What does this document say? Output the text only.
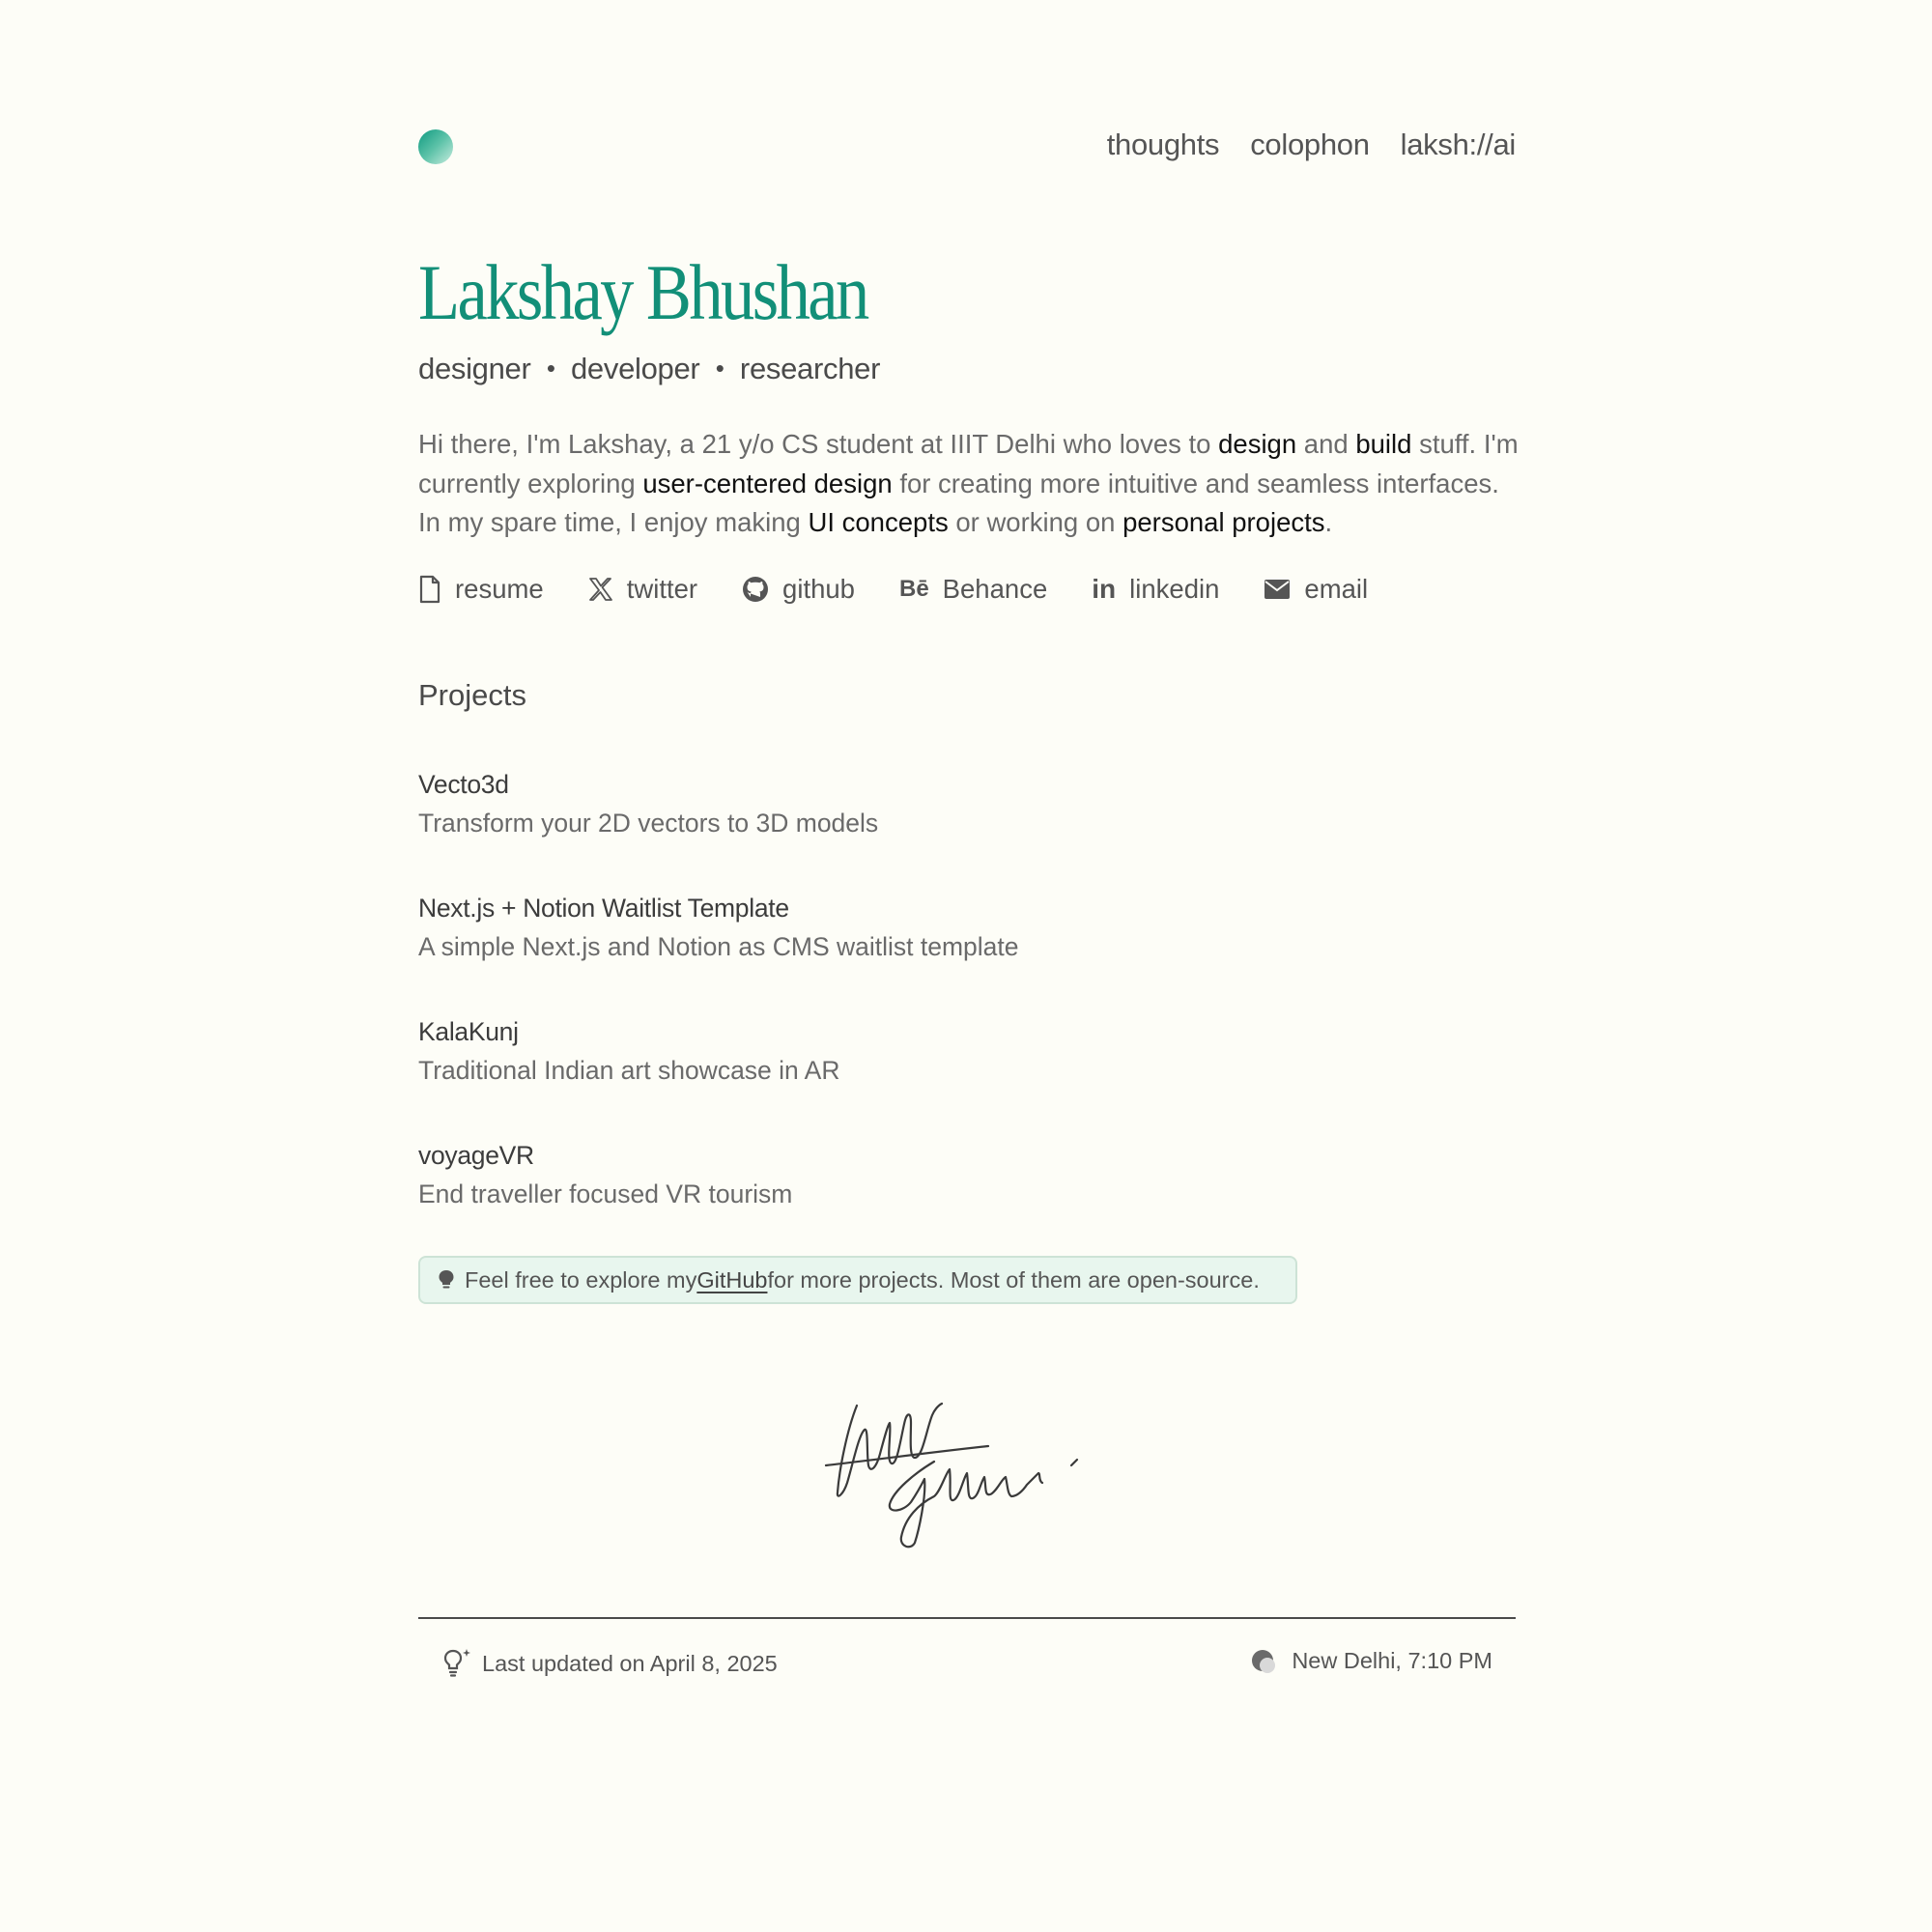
thoughts colophon laksh://ai
Lakshay Bhushan
designer • developer • researcher

Hi there, I'm Lakshay, a 21 y/o CS student at IIIT Delhi who loves to design and build stuff. I'm currently exploring user-centered design for creating more intuitive and seamless interfaces. In my spare time, I enjoy making UI concepts or working on personal projects.

resume	twitter	github Bē Behance in linkedin	email
Projects
Vecto3d
Transform your 2D vectors to 3D models
Next.js + Notion Waitlist Template
A simple Next.js and Notion as CMS waitlist template
KalaKunj
Traditional Indian art showcase in AR
voyageVR
End traveller focused VR tourism
Feel free to explore my GitHub for more projects. Most of them are open-source.
Last updated on April 8, 2025	New Delhi, 7:10 PM
